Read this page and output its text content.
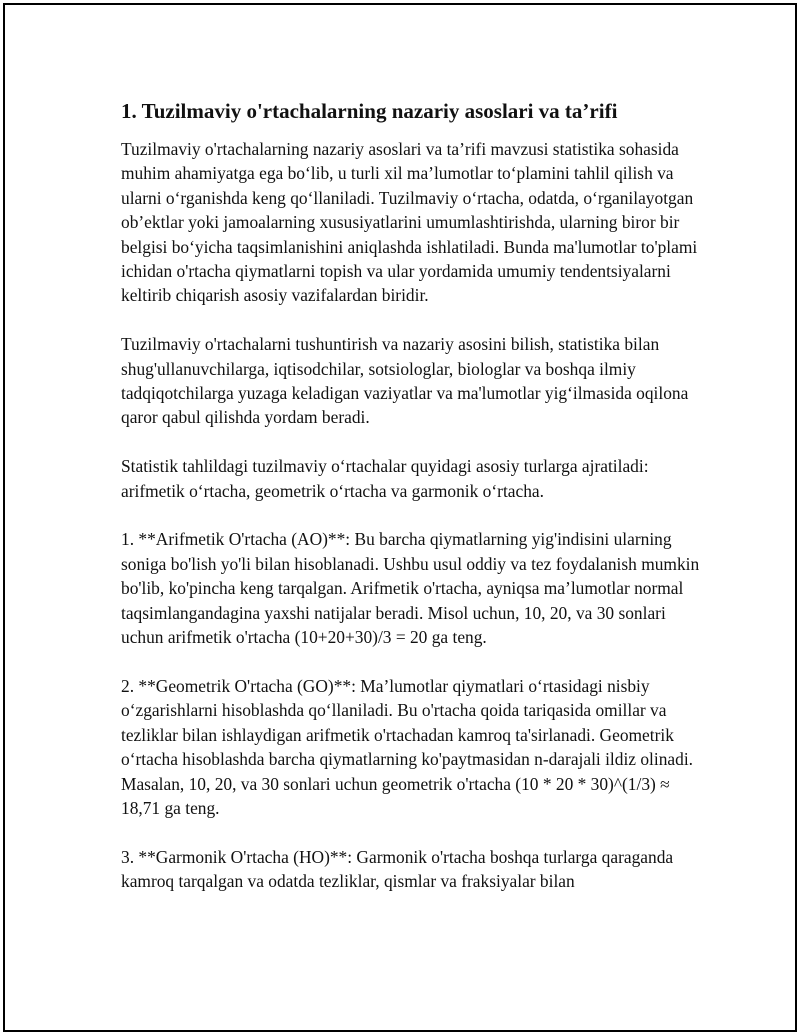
1. Tuzilmaviy o'rtachalarning nazariy asoslari va ta’rifi

Tuzilmaviy o'rtachalarning nazariy asoslari va ta’rifi mavzusi statistika sohasida muhim ahamiyatga ega bo‘lib, u turli xil ma’lumotlar to‘plamini tahlil qilish va ularni o‘rganishda keng qo‘llaniladi. Tuzilmaviy o‘rtacha, odatda, o‘rganilayotgan ob’ektlar yoki jamoalarning xususiyatlarini umumlashtirishda, ularning biror bir belgisi bo‘yicha taqsimlanishini aniqlashda ishlatiladi. Bunda ma'lumotlar to'plami ichidan o'rtacha qiymatlarni topish va ular yordamida umumiy tendentsiyalarni keltirib chiqarish asosiy vazifalardan biridir.

Tuzilmaviy o'rtachalarni tushuntirish va nazariy asosini bilish, statistika bilan shug'ullanuvchilarga, iqtisodchilar, sotsiologlar, biologlar va boshqa ilmiy tadqiqotchilarga yuzaga keladigan vaziyatlar va ma'lumotlar yig‘ilmasida oqilona qaror qabul qilishda yordam beradi.

Statistik tahlildagi tuzilmaviy o‘rtachalar quyidagi asosiy turlarga ajratiladi: arifmetik o‘rtacha, geometrik o‘rtacha va garmonik o‘rtacha.

1. **Arifmetik O'rtacha (AO)**: Bu barcha qiymatlarning yig'indisini ularning soniga bo'lish yo'li bilan hisoblanadi. Ushbu usul oddiy va tez foydalanish mumkin bo'lib, ko'pincha keng tarqalgan. Arifmetik o'rtacha, ayniqsa ma’lumotlar normal taqsimlangandagina yaxshi natijalar beradi. Misol uchun, 10, 20, va 30 sonlari uchun arifmetik o'rtacha (10+20+30)/3 = 20 ga teng.

2. **Geometrik O'rtacha (GO)**: Ma’lumotlar qiymatlari o‘rtasidagi nisbiy o‘zgarishlarni hisoblashda qo‘llaniladi. Bu o'rtacha qoida tariqasida omillar va tezliklar bilan ishlaydigan arifmetik o'rtachadan kamroq ta'sirlanadi. Geometrik o‘rtacha hisoblashda barcha qiymatlarning ko'paytmasidan n-darajali ildiz olinadi. Masalan, 10, 20, va 30 sonlari uchun geometrik o'rtacha (10 * 20 * 30)^(1/3) ≈ 18,71 ga teng.

3. **Garmonik O'rtacha (HO)**: Garmonik o'rtacha boshqa turlarga qaraganda kamroq tarqalgan va odatda tezliklar, qismlar va fraksiyalar bilan
